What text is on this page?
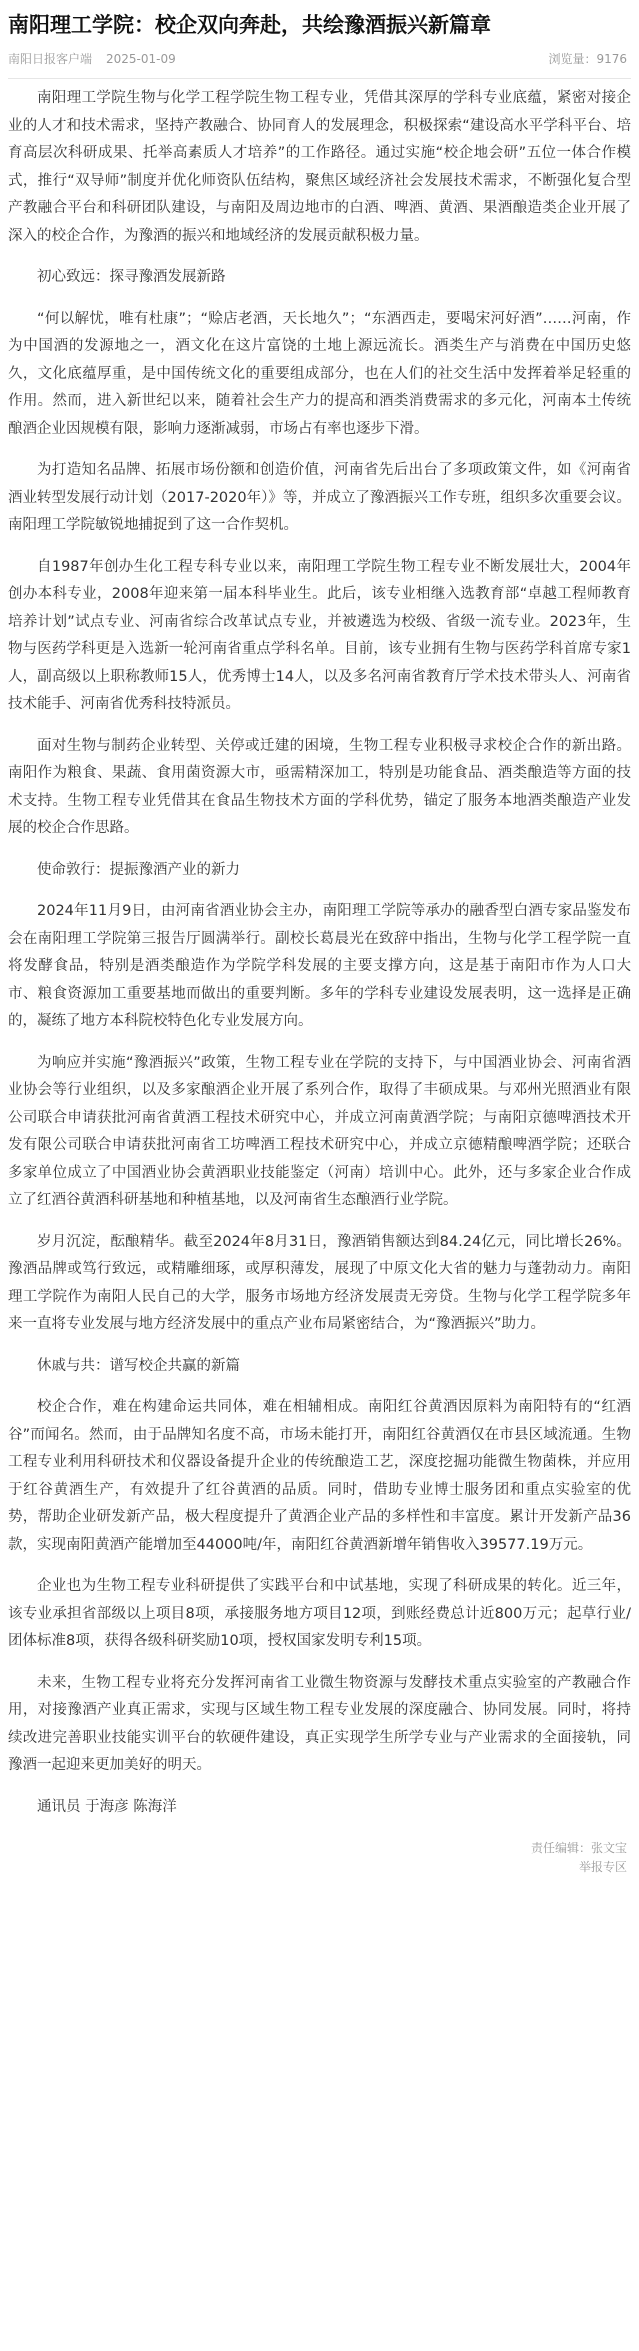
南阳理工学院：校企双向奔赴，共绘豫酒振兴新篇章
南阳日报客户端 2025-01-09	浏览量：9176

南阳理工学院生物与化学工程学院生物工程专业，凭借其深厚的学科专业底蕴，紧密对接企业的人才和技术需求，坚持产教融合、协同育人的发展理念，积极探索“建设高水平学科平台、培育高层次科研成果、托举高素质人才培养”的工作路径。通过实施“校企地会研”五位一体合作模式，推行“双导师”制度并优化师资队伍结构，聚焦区域经济社会发展技术需求，不断强化复合型产教融合平台和科研团队建设，与南阳及周边地市的白酒、啤酒、黄酒、果酒酿造类企业开展了深入的校企合作，为豫酒的振兴和地域经济的发展贡献积极力量。

初心致远：探寻豫酒发展新路

“何以解忧，唯有杜康”；“赊店老酒，天长地久”；“东酒西走，要喝宋河好酒”……河南，作为中国酒的发源地之一，酒文化在这片富饶的土地上源远流长。酒类生产与消费在中国历史悠久，文化底蕴厚重，是中国传统文化的重要组成部分，也在人们的社交生活中发挥着举足轻重的作用。然而，进入新世纪以来，随着社会生产力的提高和酒类消费需求的多元化，河南本土传统酿酒企业因规模有限，影响力逐渐减弱，市场占有率也逐步下滑。

为打造知名品牌、拓展市场份额和创造价值，河南省先后出台了多项政策文件，如《河南省酒业转型发展行动计划（2017-2020年）》等，并成立了豫酒振兴工作专班，组织多次重要会议。南阳理工学院敏锐地捕捉到了这一合作契机。

自1987年创办生化工程专科专业以来，南阳理工学院生物工程专业不断发展壮大，2004年创办本科专业，2008年迎来第一届本科毕业生。此后，该专业相继入选教育部“卓越工程师教育培养计划”试点专业、河南省综合改革试点专业，并被遴选为校级、省级一流专业。2023年，生物与医药学科更是入选新一轮河南省重点学科名单。目前，该专业拥有生物与医药学科首席专家1人，副高级以上职称教师15人，优秀博士14人，以及多名河南省教育厅学术技术带头人、河南省技术能手、河南省优秀科技特派员。

面对生物与制药企业转型、关停或迁建的困境，生物工程专业积极寻求校企合作的新出路。南阳作为粮食、果蔬、食用菌资源大市，亟需精深加工，特别是功能食品、酒类酿造等方面的技术支持。生物工程专业凭借其在食品生物技术方面的学科优势，锚定了服务本地酒类酿造产业发展的校企合作思路。

使命敦行：提振豫酒产业的新力

2024年11月9日，由河南省酒业协会主办，南阳理工学院等承办的融香型白酒专家品鉴发布会在南阳理工学院第三报告厅圆满举行。副校长葛晨光在致辞中指出，生物与化学工程学院一直将发酵食品，特别是酒类酿造作为学院学科发展的主要支撑方向，这是基于南阳市作为人口大市、粮食资源加工重要基地而做出的重要判断。多年的学科专业建设发展表明，这一选择是正确的，凝练了地方本科院校特色化专业发展方向。

为响应并实施“豫酒振兴”政策，生物工程专业在学院的支持下，与中国酒业协会、河南省酒业协会等行业组织，以及多家酿酒企业开展了系列合作，取得了丰硕成果。与邓州光照酒业有限公司联合申请获批河南省黄酒工程技术研究中心，并成立河南黄酒学院；与南阳京德啤酒技术开发有限公司联合申请获批河南省工坊啤酒工程技术研究中心，并成立京德精酿啤酒学院；还联合多家单位成立了中国酒业协会黄酒职业技能鉴定（河南）培训中心。此外，还与多家企业合作成立了红酒谷黄酒科研基地和种植基地，以及河南省生态酿酒行业学院。

岁月沉淀，酝酿精华。截至2024年8月31日，豫酒销售额达到84.24亿元，同比增长26%。豫酒品牌或笃行致远，或精雕细琢，或厚积薄发，展现了中原文化大省的魅力与蓬勃动力。南阳理工学院作为南阳人民自己的大学，服务市场地方经济发展责无旁贷。生物与化学工程学院多年来一直将专业发展与地方经济发展中的重点产业布局紧密结合，为“豫酒振兴”助力。

休戚与共：谱写校企共赢的新篇

校企合作，难在构建命运共同体，难在相辅相成。南阳红谷黄酒因原料为南阳特有的“红酒谷”而闻名。然而，由于品牌知名度不高，市场未能打开，南阳红谷黄酒仅在市县区域流通。生物工程专业利用科研技术和仪器设备提升企业的传统酿造工艺，深度挖掘功能微生物菌株，并应用于红谷黄酒生产，有效提升了红谷黄酒的品质。同时，借助专业博士服务团和重点实验室的优势，帮助企业研发新产品，极大程度提升了黄酒企业产品的多样性和丰富度。累计开发新产品36款，实现南阳黄酒产能增加至44000吨/年，南阳红谷黄酒新增年销售收入39577.19万元。

企业也为生物工程专业科研提供了实践平台和中试基地，实现了科研成果的转化。近三年，该专业承担省部级以上项目8项，承接服务地方项目12项，到账经费总计近800万元；起草行业/团体标准8项，获得各级科研奖励10项，授权国家发明专利15项。

未来，生物工程专业将充分发挥河南省工业微生物资源与发酵技术重点实验室的产教融合作用，对接豫酒产业真正需求，实现与区域生物工程专业发展的深度融合、协同发展。同时，将持续改进完善职业技能实训平台的软硬件建设，真正实现学生所学专业与产业需求的全面接轨，同豫酒一起迎来更加美好的明天。

通讯员 于海彦 陈海洋

责任编辑：张文宝
举报专区
